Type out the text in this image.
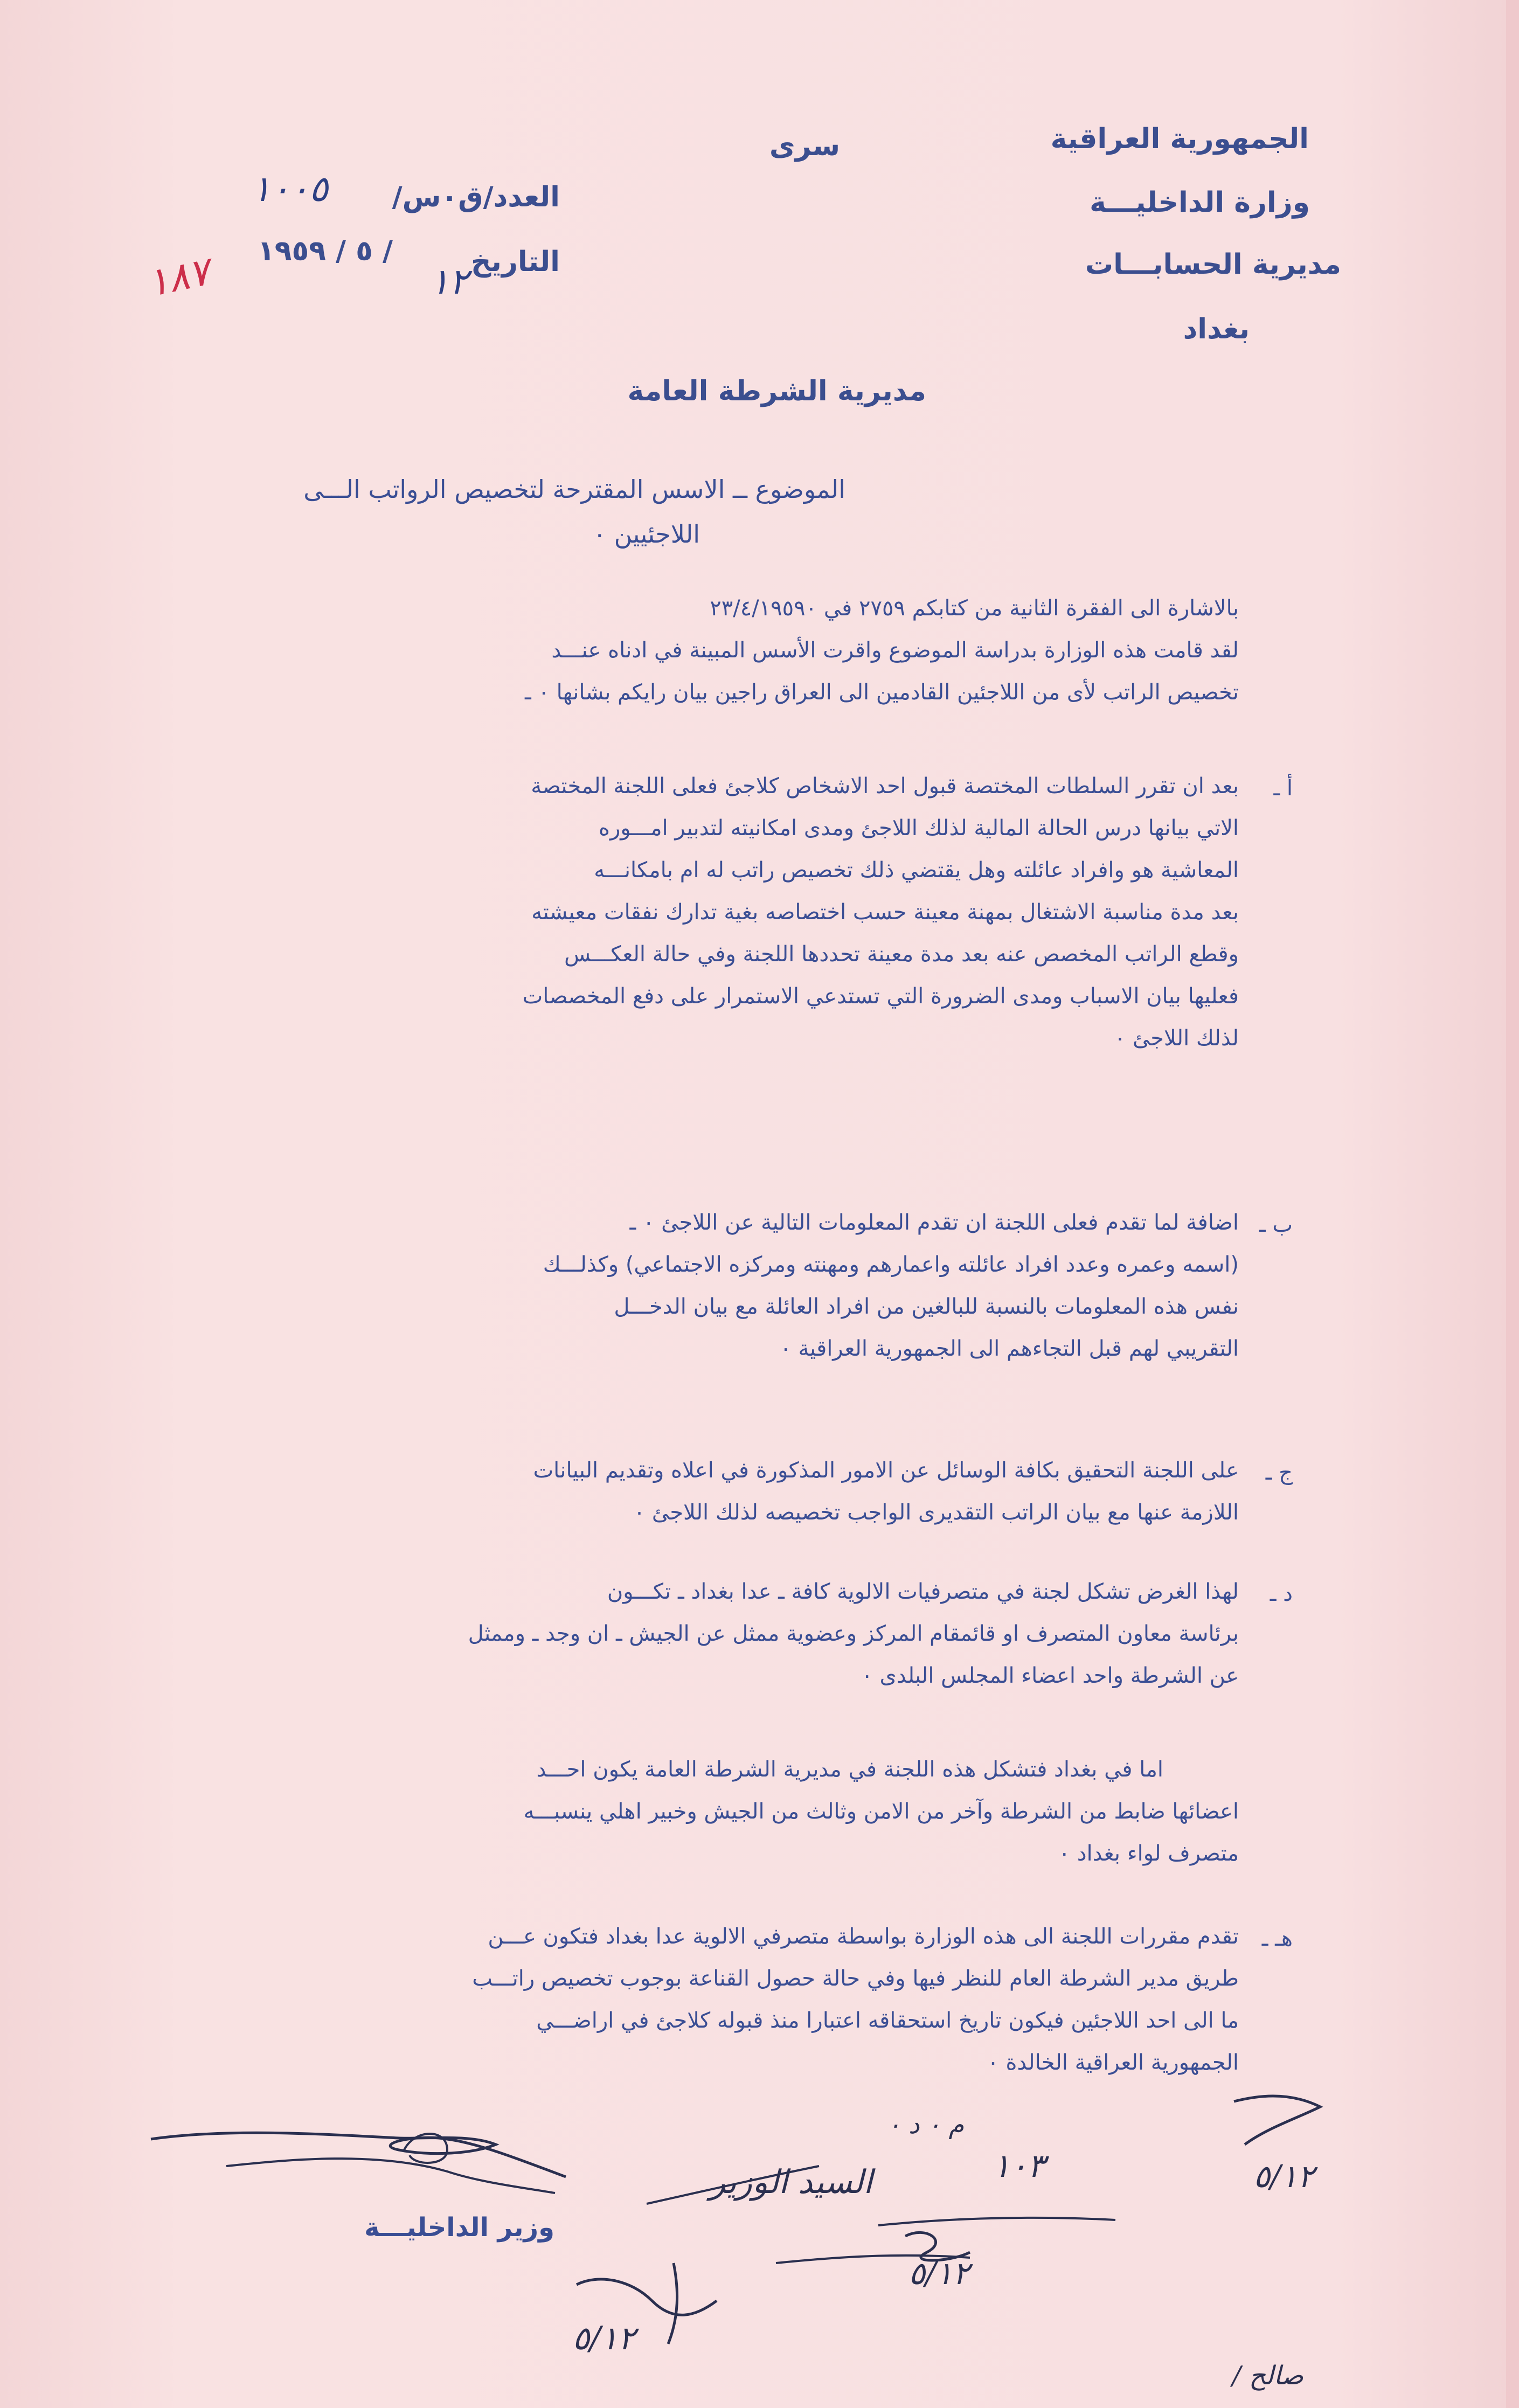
الجمهورية العراقية
وزارة الداخليـــة
مديرية الحسابـــات
بغداد
سرى
العدد/ق٠س/
١٠٠٥
التاريخ
١٢
/ ٥ / ١٩٥٩
١٨٧
مديرية الشرطة العامة
الموضوع ــ الاسس المقترحة لتخصيص الرواتب الـــى
اللاجئيين ٠
بالاشارة الى الفقرة الثانية من كتابكم ٢٧٥٩ في ٢٣/٤/١٩٥٩٠
لقد قامت هذه الوزارة بدراسة الموضوع واقرت الأسس المبينة في ادناه عنـــد
تخصيص الراتب لأى من اللاجئين القادمين الى العراق راجين بيان رايكم بشانها ٠ ـ
أ ـ
بعد ان تقرر السلطات المختصة قبول احد الاشخاص كلاجئ فعلى اللجنة المختصة
الاتي بيانها درس الحالة المالية لذلك اللاجئ ومدى امكانيته لتدبير امـــوره
المعاشية هو وافراد عائلته وهل يقتضي ذلك تخصيص راتب له ام بامكانـــه
بعد مدة مناسبة الاشتغال بمهنة معينة حسب اختصاصه بغية تدارك نفقات معيشته
وقطع الراتب المخصص عنه بعد مدة معينة تحددها اللجنة وفي حالة العكـــس
فعليها بيان الاسباب ومدى الضرورة التي تستدعي الاستمرار على دفع المخصصات
لذلك اللاجئ ٠
ب ـ
اضافة لما تقدم فعلى اللجنة ان تقدم المعلومات التالية عن اللاجئ ٠ ـ
(اسمه وعمره وعدد افراد عائلته واعمارهم ومهنته ومركزه الاجتماعي) وكذلـــك
نفس هذه المعلومات بالنسبة للبالغين من افراد العائلة مع بيان الدخـــل
التقريبي لهم قبل التجاءهم الى الجمهورية العراقية ٠
ج ـ
على اللجنة التحقيق بكافة الوسائل عن الامور المذكورة في اعلاه وتقديم البيانات
اللازمة عنها مع بيان الراتب التقديرى الواجب تخصيصه لذلك اللاجئ ٠
د ـ
لهذا الغرض تشكل لجنة في متصرفيات الالوية كافة ـ عدا بغداد ـ تكـــون
برئاسة معاون المتصرف او قائمقام المركز وعضوية ممثل عن الجيش ـ ان وجد ـ وممثل
عن الشرطة واحد اعضاء المجلس البلدى ٠
اما في بغداد فتشكل هذه اللجنة في مديرية الشرطة العامة يكون احـــد
اعضائها ضابط من الشرطة وآخر من الامن وثالث من الجيش وخبير اهلي ينسبـــه
متصرف لواء بغداد ٠
هـ ـ
تقدم مقررات اللجنة الى هذه الوزارة بواسطة متصرفي الالوية عدا بغداد فتكون عـــن
طريق مدير الشرطة العام للنظر فيها وفي حالة حصول القناعة بوجوب تخصيص راتـــب
ما الى احد اللاجئين فيكون تاريخ استحقاقه اعتبارا منذ قبوله كلاجئ في اراضـــي
الجمهورية العراقية الخالدة ٠
وزير الداخليـــة
م ٠ د ٠
السيد الوزير	١٠٣
٥/١٢
٥/١٢
٥/١٢
صالح /
